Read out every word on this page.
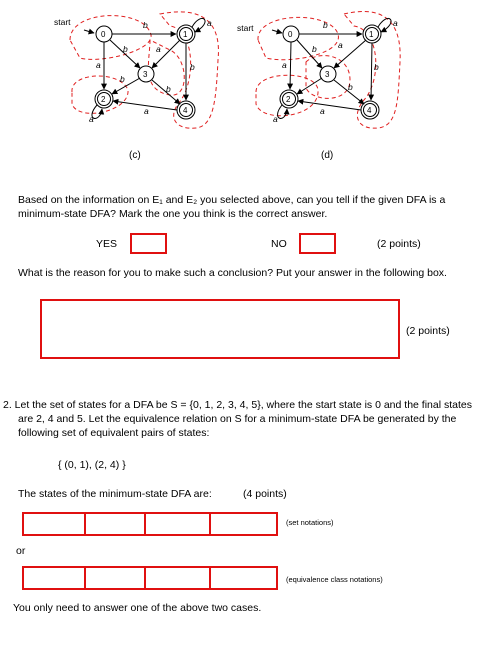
start
start
0	1
3
2
4
0	1
3
2
4
b
b	a
a	b
b
b
a
a
a
b
b	a
a	b
b
a
a
a
(c)	(d)
Based on the information on E₁ and E₂ you selected above, can you tell if the given DFA is a minimum-state DFA? Mark the one you think is the correct answer.
YES	NO	(2 points)
What is the reason for you to make such a conclusion? Put your answer in the following box.
(2 points)
2. Let the set of states for a DFA be S = {0, 1, 2, 3, 4, 5}, where the start state is 0 and the final states are 2, 4 and 5. Let the equivalence relation on S for a minimum-state DFA be generated by the following set of equivalent pairs of states:
{ (0, 1), (2, 4) }
The states of the minimum-state DFA are:	(4 points)
(set notations)
or
(equivalence class notations)
You only need to answer one of the above two cases.
